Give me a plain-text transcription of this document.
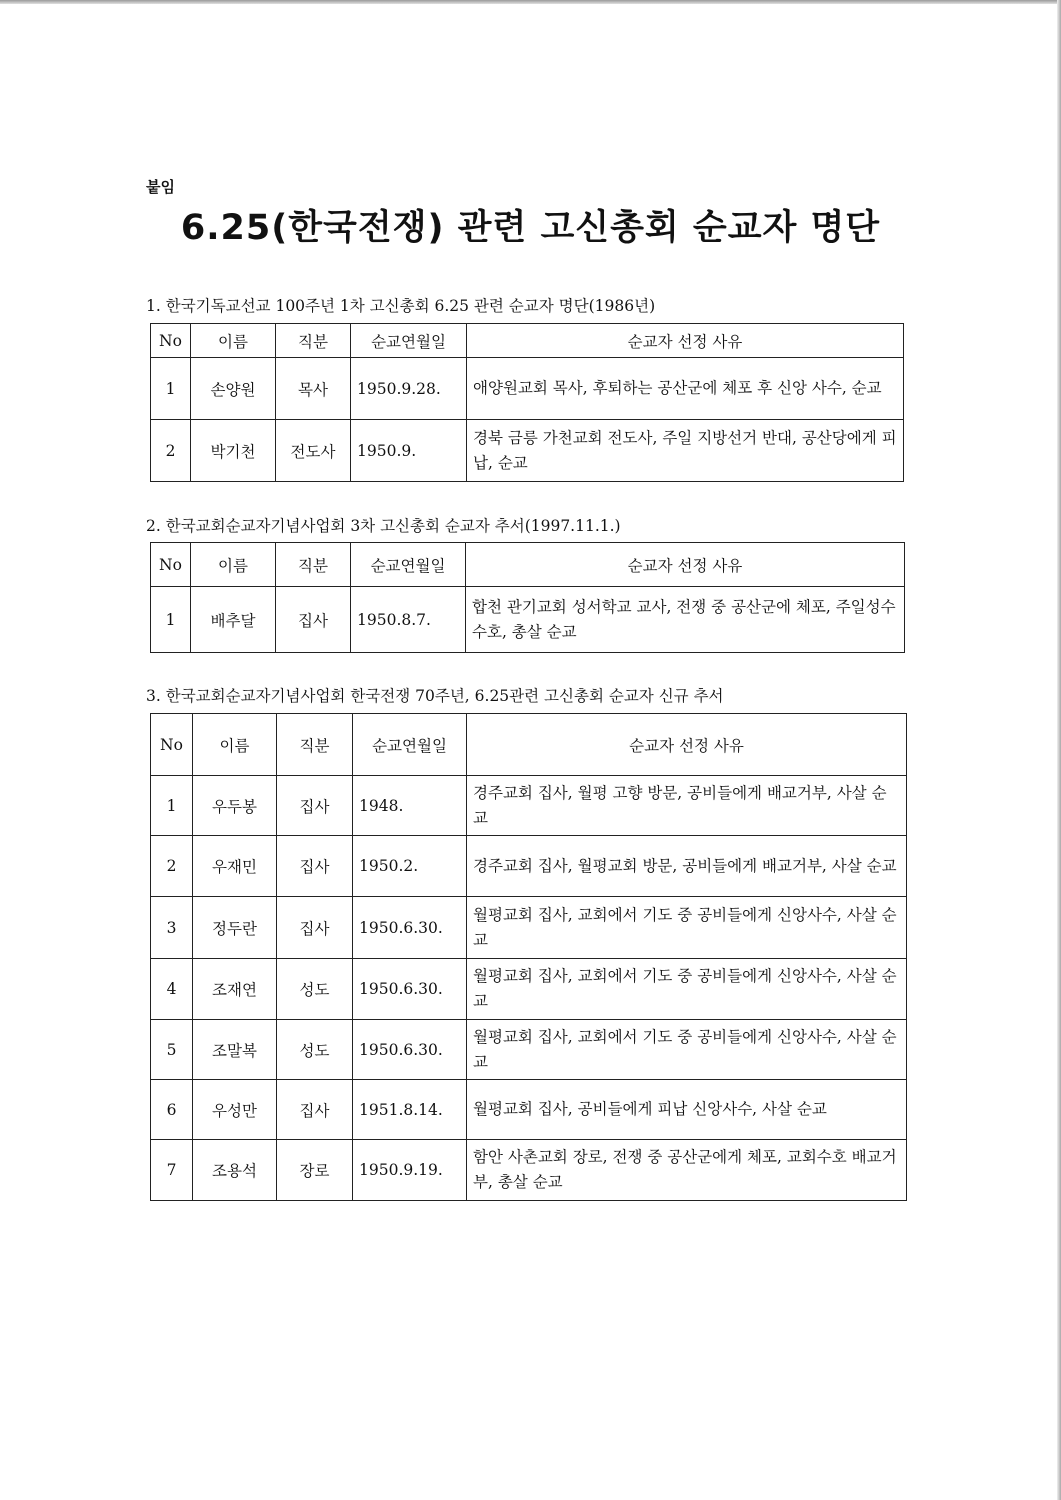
붙임
6.25(한국전쟁) 관련 고신총회 순교자 명단
1. 한국기독교선교 100주년 1차 고신총회 6.25 관련 순교자 명단(1986년)
No	이름	직분	순교연월일	순교자 선정 사유
1	손양원	목사	1950.9.28.	애양원교회 목사, 후퇴하는 공산군에 체포 후 신앙 사수, 순교
2	박기천	전도사	1950.9.	경북 금릉 가천교회 전도사, 주일 지방선거 반대, 공산당에게 피납, 순교
2. 한국교회순교자기념사업회 3차 고신총회 순교자 추서(1997.11.1.)
No	이름	직분	순교연월일	순교자 선정 사유
1	배추달	집사	1950.8.7.	합천 관기교회 성서학교 교사, 전쟁 중 공산군에 체포, 주일성수 수호, 총살 순교
3. 한국교회순교자기념사업회 한국전쟁 70주년, 6.25관련 고신총회 순교자 신규 추서
No	이름	직분	순교연월일	순교자 선정 사유
1	우두봉	집사	1948.	경주교회 집사, 월평 고향 방문, 공비들에게 배교거부, 사살 순교
2	우재민	집사	1950.2.	경주교회 집사, 월평교회 방문, 공비들에게 배교거부, 사살 순교
3	정두란	집사	1950.6.30.	월평교회 집사, 교회에서 기도 중 공비들에게 신앙사수, 사살 순교
4	조재연	성도	1950.6.30.	월평교회 집사, 교회에서 기도 중 공비들에게 신앙사수, 사살 순교
5	조말복	성도	1950.6.30.	월평교회 집사, 교회에서 기도 중 공비들에게 신앙사수, 사살 순교
6	우성만	집사	1951.8.14.	월평교회 집사, 공비들에게 피납 신앙사수, 사살 순교
7	조용석	장로	1950.9.19.	함안 사촌교회 장로, 전쟁 중 공산군에게 체포, 교회수호 배교거부, 총살 순교
